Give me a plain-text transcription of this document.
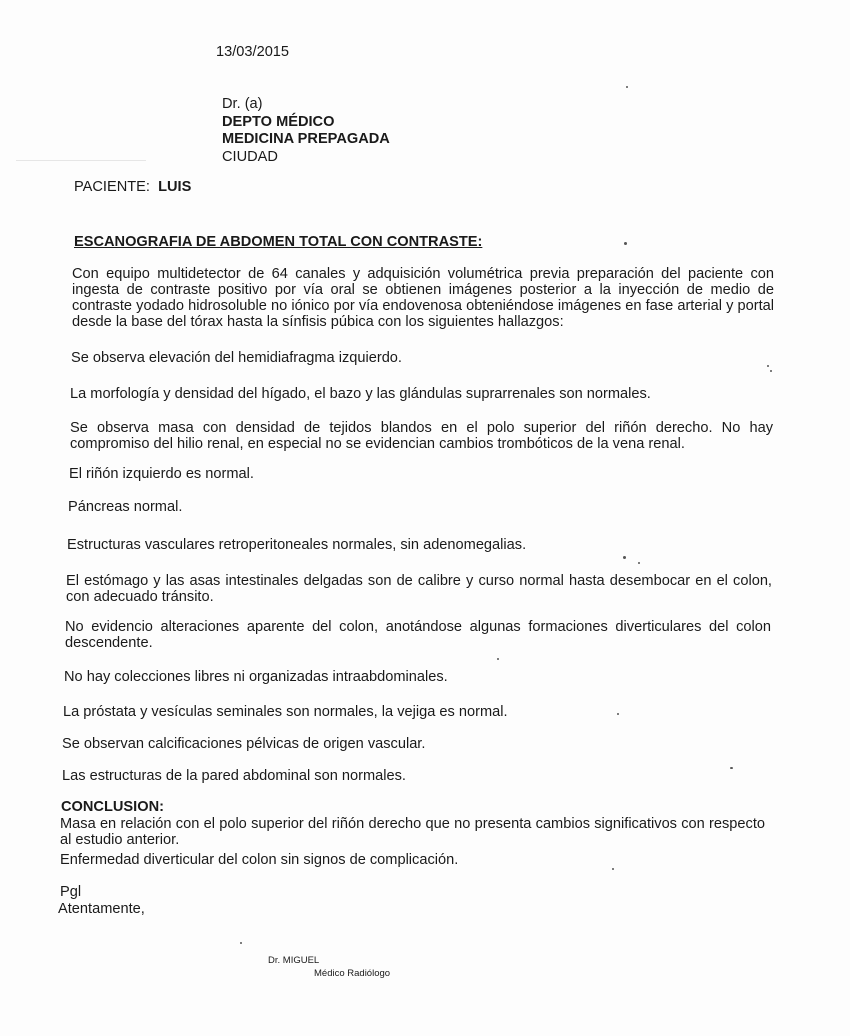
13/03/2015
Dr. (a)
DEPTO MÉDICO
MEDICINA PREPAGADA
CIUDAD
PACIENTE: LUIS
ESCANOGRAFIA DE ABDOMEN TOTAL CON CONTRASTE:
Con equipo multidetector de 64 canales y adquisición volumétrica previa preparación del paciente con ingesta de contraste positivo por vía oral se obtienen imágenes posterior a la inyección de medio de contraste yodado hidrosoluble no iónico por vía endovenosa obteniéndose imágenes en fase arterial y portal desde la base del tórax hasta la sínfisis púbica con los siguientes hallazgos:
Se observa elevación del hemidiafragma izquierdo.
La morfología y densidad del hígado, el bazo y las glándulas suprarrenales son normales.
Se observa masa con densidad de tejidos blandos en el polo superior del riñón derecho. No hay compromiso del hilio renal, en especial no se evidencian cambios trombóticos de la vena renal.
El riñón izquierdo es normal.
Páncreas normal.
Estructuras vasculares retroperitoneales normales, sin adenomegalias.
El estómago y las asas intestinales delgadas son de calibre y curso normal hasta desembocar en el colon, con adecuado tránsito.
No evidencio alteraciones aparente del colon, anotándose algunas formaciones diverticulares del colon descendente.
No hay colecciones libres ni organizadas intraabdominales.
La próstata y vesículas seminales son normales, la vejiga es normal.
Se observan calcificaciones pélvicas de origen vascular.
Las estructuras de la pared abdominal son normales.
CONCLUSION:
Masa en relación con el polo superior del riñón derecho que no presenta cambios significativos con respecto al estudio anterior.
Enfermedad diverticular del colon sin signos de complicación.
Pgl
Atentamente,
Dr. MIGUEL
Médico Radiólogo
